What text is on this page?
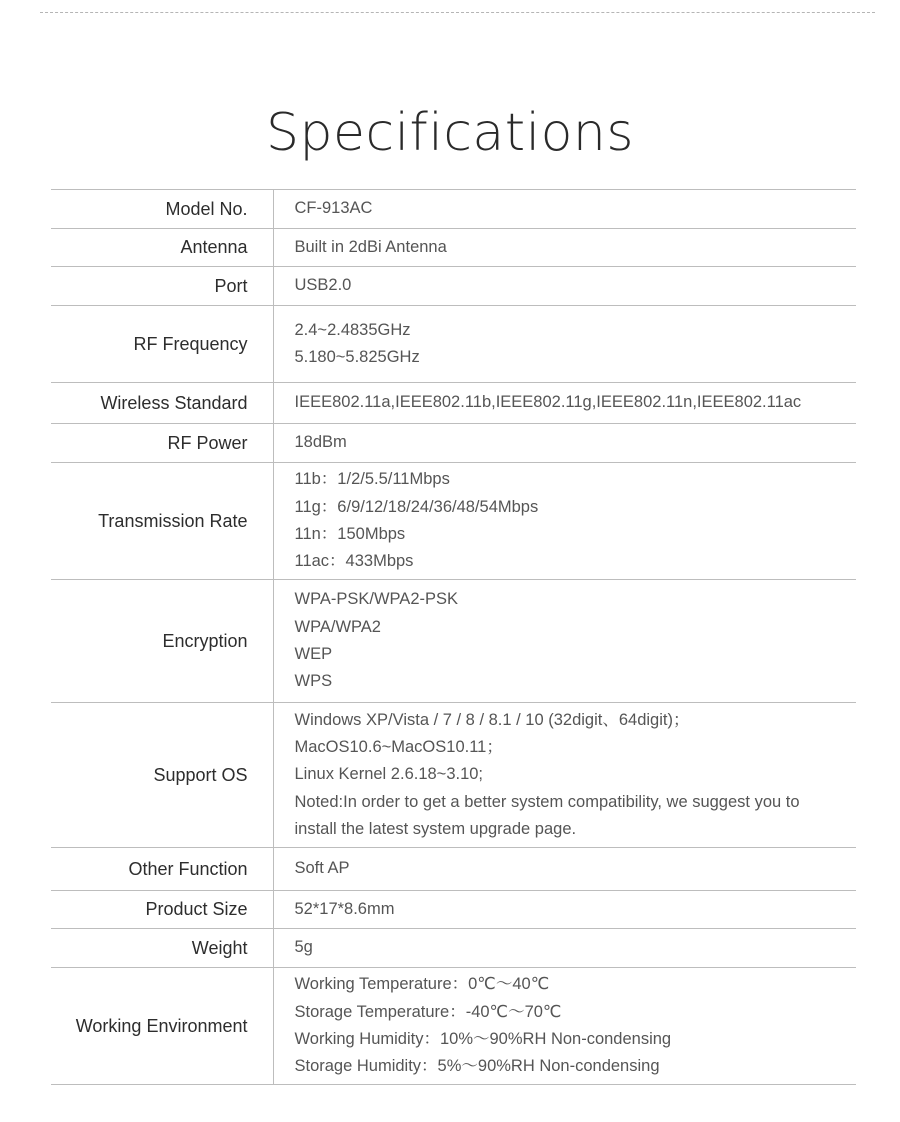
Specifications
Model No.	CF-913AC

Antenna	Built in 2dBi Antenna

Port	USB2.0

RF Frequency	2.4~2.4835GHz
5.180~5.825GHz

Wireless Standard	IEEE802.11a,IEEE802.11b,IEEE802.11g,IEEE802.11n,IEEE802.11ac

RF Power	18dBm

Transmission Rate	11b：1/2/5.5/11Mbps
11g：6/9/12/18/24/36/48/54Mbps
11n：150Mbps
11ac：433Mbps

Encryption	WPA-PSK/WPA2-PSK
WPA/WPA2
WEP
WPS

Support OS	Windows XP/Vista / 7 / 8 / 8.1 / 10 (32digit、64digit)；
MacOS10.6~MacOS10.11；
Linux Kernel 2.6.18~3.10;
Noted:In order to get a better system compatibility, we suggest you to
install the latest system upgrade page.

Other Function	Soft AP

Product Size	52*17*8.6mm

Weight	5g

Working Environment	Working Temperature：0℃～40℃
Storage Temperature：-40℃～70℃
Working Humidity：10%～90%RH Non-condensing
Storage Humidity：5%～90%RH Non-condensing
